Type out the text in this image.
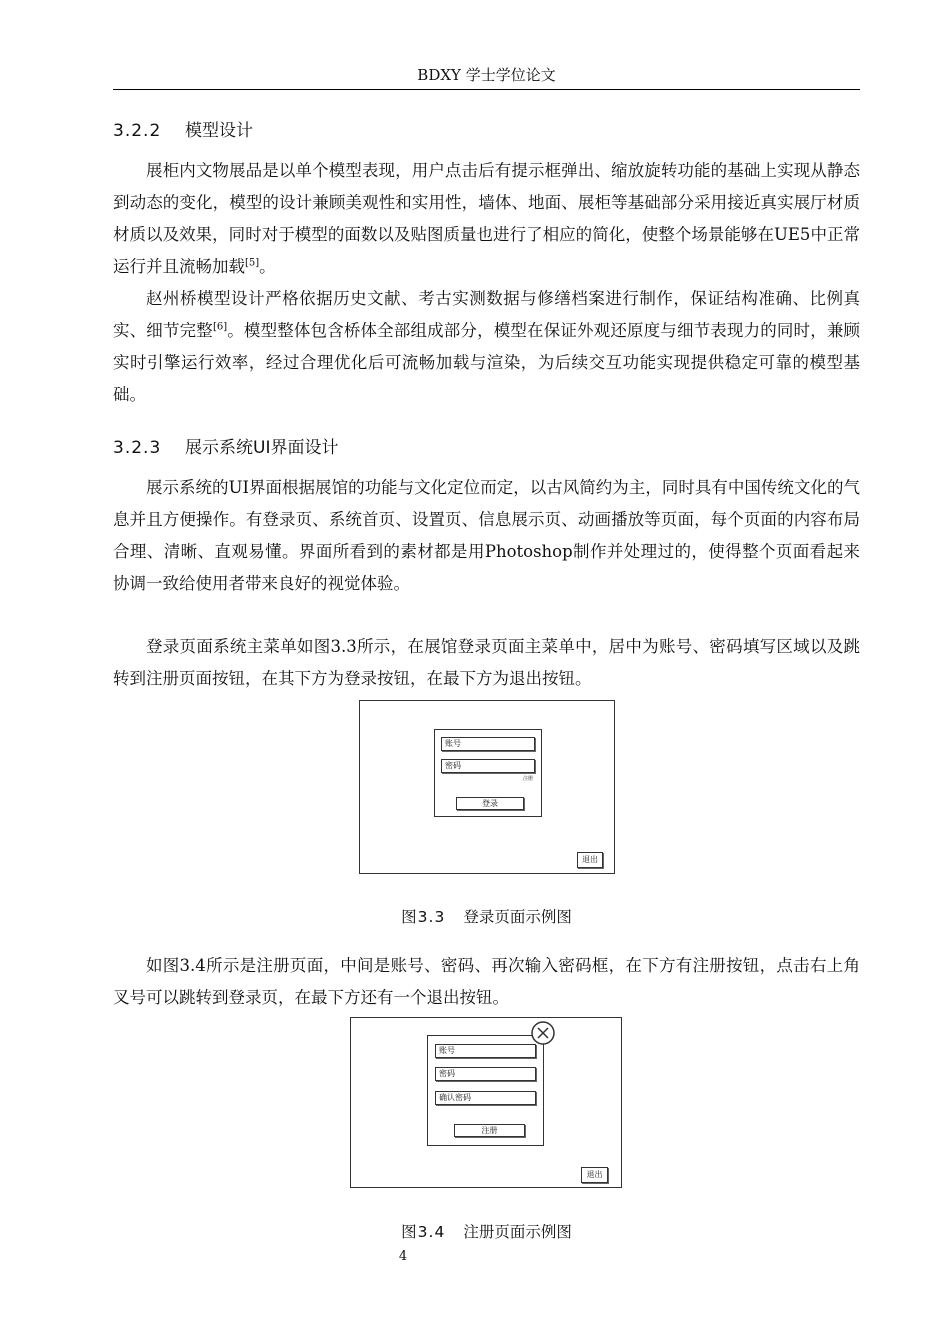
BDXY 学士学位论文
3.2.2 模型设计

展柜内文物展品是以单个模型表现，用户点击后有提示框弹出、缩放旋转功能的基础上实现从静态到动态的变化，模型的设计兼顾美观性和实用性，墙体、地面、展柜等基础部分采用接近真实展厅材质材质以及效果，同时对于模型的面数以及贴图质量也进行了相应的简化，使整个场景能够在UE5中正常运行并且流畅加载[5]。

赵州桥模型设计严格依据历史文献、考古实测数据与修缮档案进行制作，保证结构准确、比例真实、细节完整[6]。模型整体包含桥体全部组成部分，模型在保证外观还原度与细节表现力的同时，兼顾实时引擎运行效率，经过合理优化后可流畅加载与渲染，为后续交互功能实现提供稳定可靠的模型基础。

3.2.3 展示系统UI界面设计

展示系统的UI界面根据展馆的功能与文化定位而定，以古风简约为主，同时具有中国传统文化的气息并且方便操作。有登录页、系统首页、设置页、信息展示页、动画播放等页面，每个页面的内容布局合理、清晰、直观易懂。界面所看到的素材都是用Photoshop制作并处理过的，使得整个页面看起来协调一致给使用者带来良好的视觉体验。

登录页面系统主菜单如图3.3所示，在展馆登录页面主菜单中，居中为账号、密码填写区域以及跳转到注册页面按钮，在其下方为登录按钮，在最下方为退出按钮。

账号
密码
注册
登录
退出
图3.3 登录页面示例图

如图3.4所示是注册页面，中间是账号、密码、再次输入密码框，在下方有注册按钮，点击右上角叉号可以跳转到登录页，在最下方还有一个退出按钮。

账号
密码
确认密码
注册
退出
图3.4 注册页面示例图
4
